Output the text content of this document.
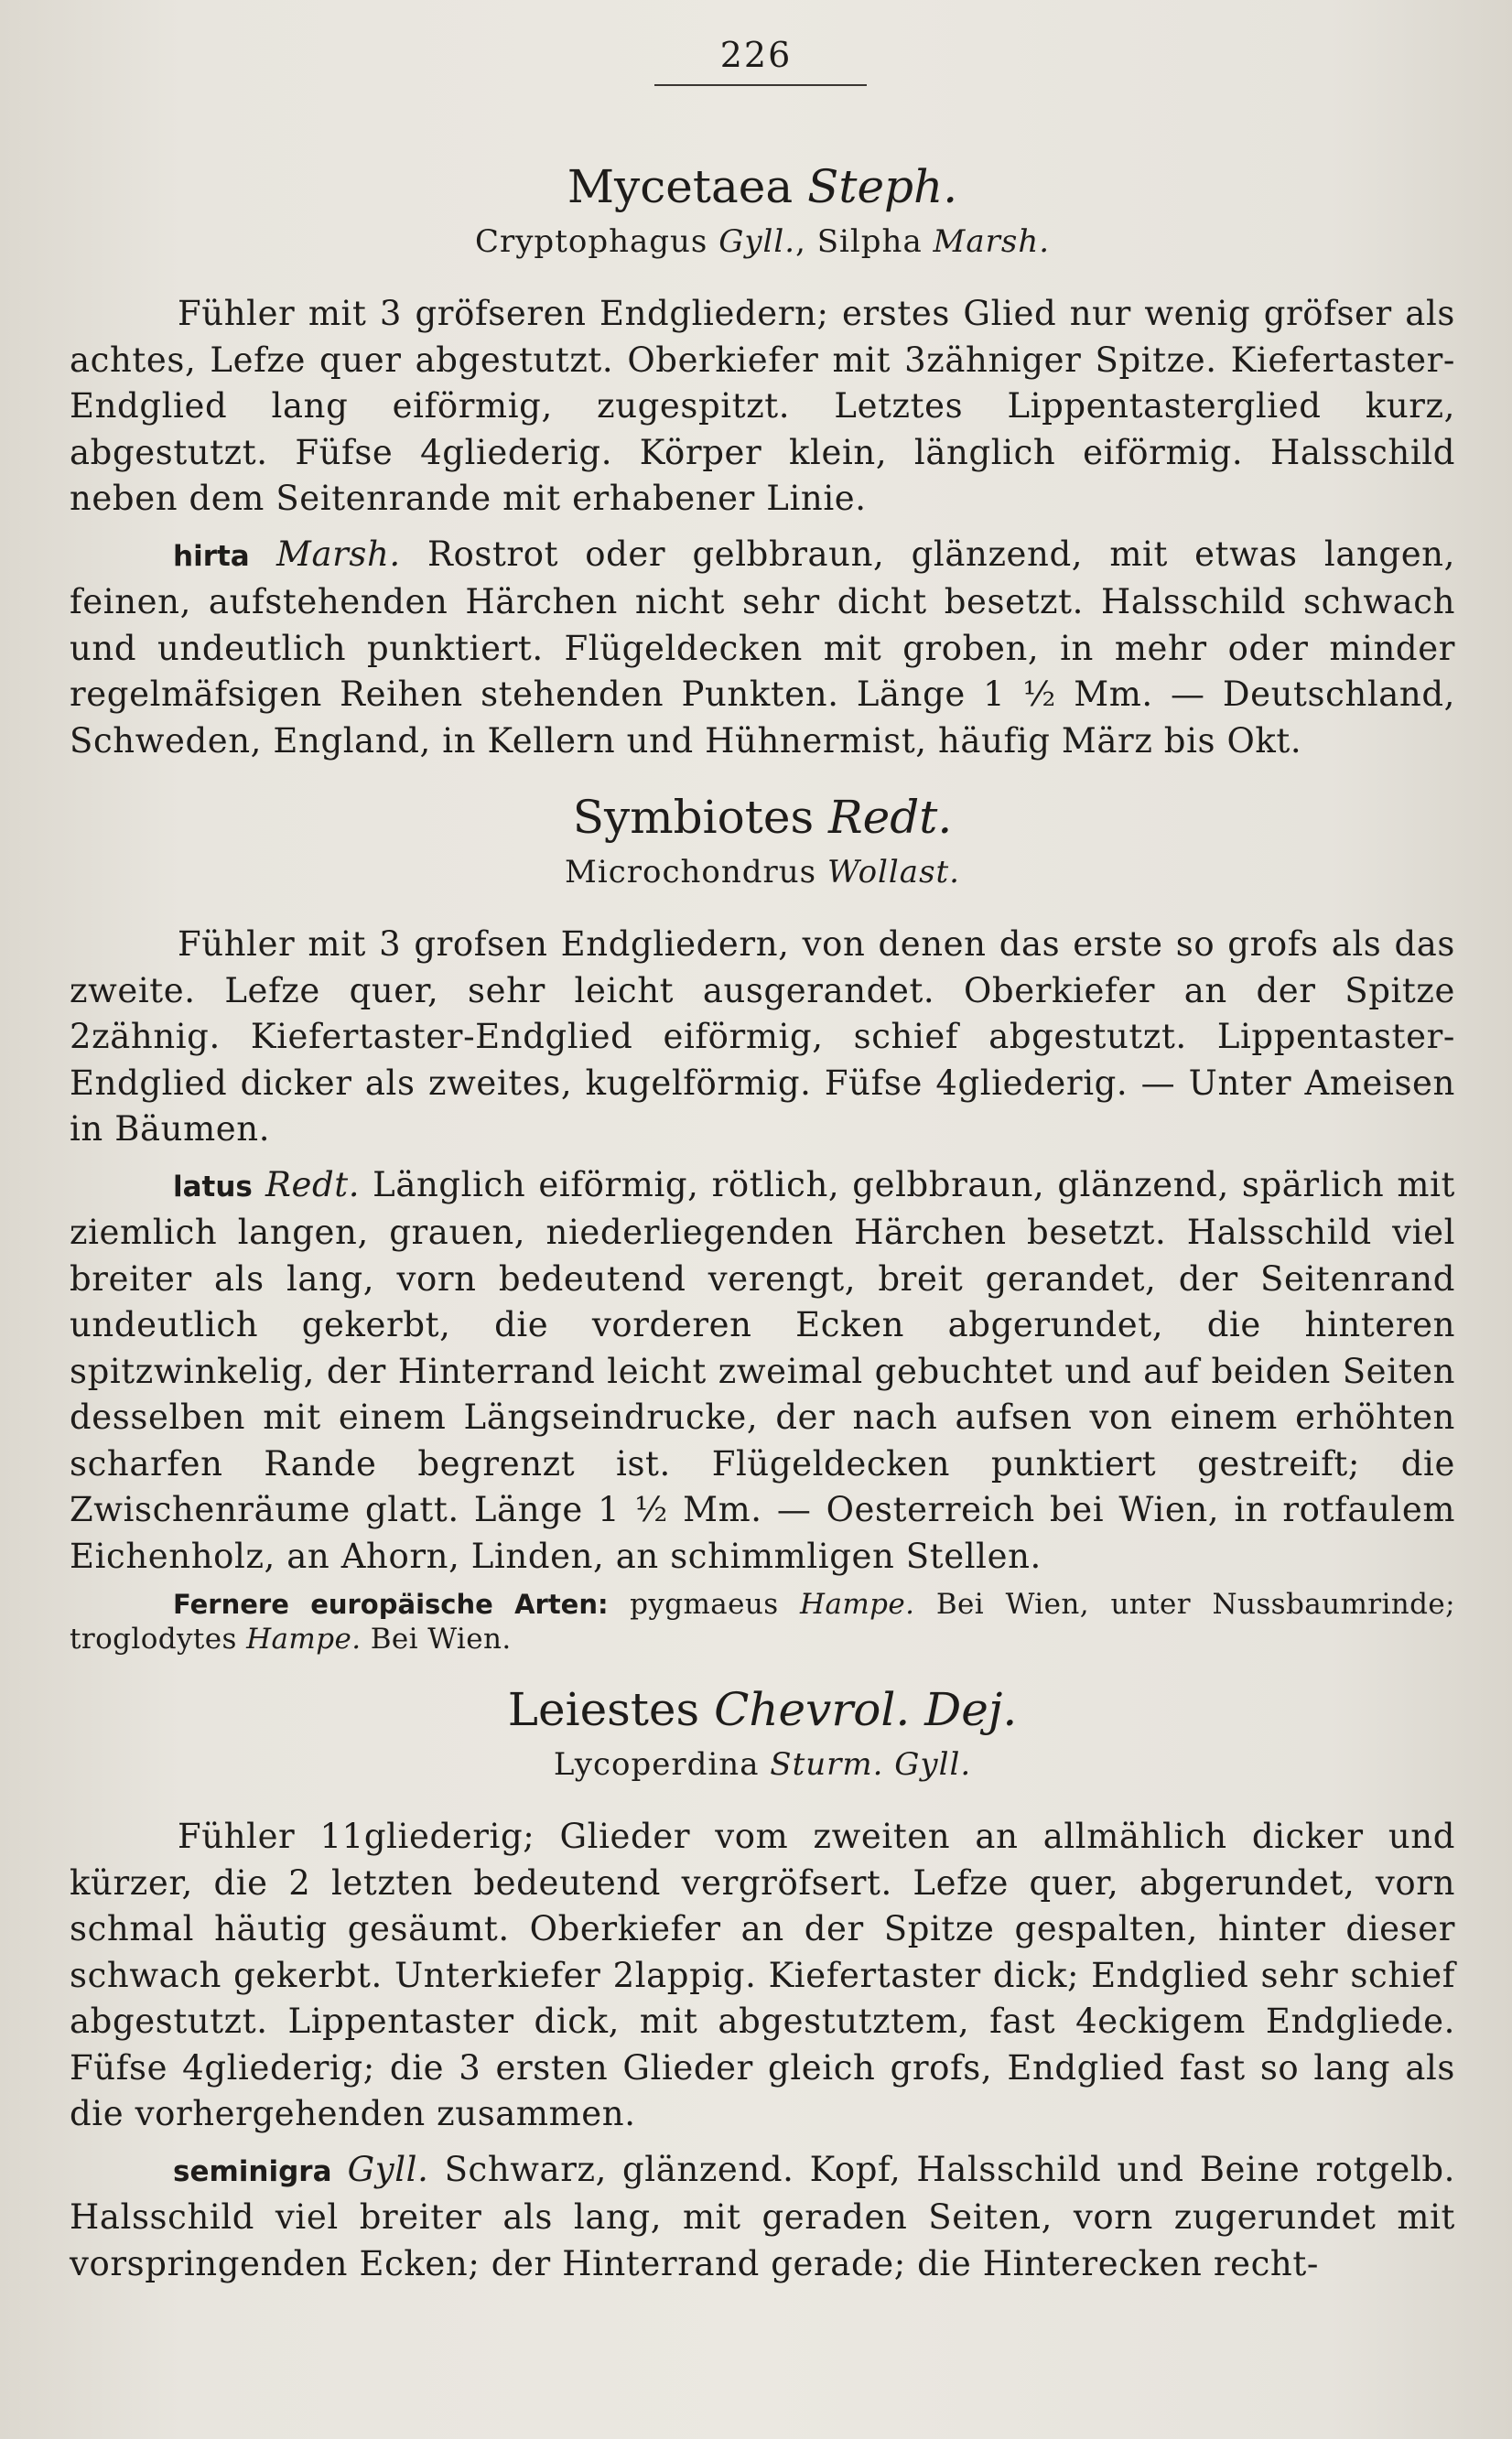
226
Mycetaea Steph.
Cryptophagus Gyll., Silpha Marsh.

Fühler mit 3 gröfseren Endgliedern; erstes Glied nur wenig gröfser als achtes, Lefze quer abgestutzt. Oberkiefer mit 3zähniger Spitze. Kiefertaster-Endglied lang eiförmig, zugespitzt. Letztes Lippentasterglied kurz, abgestutzt. Füfse 4gliederig. Körper klein, länglich eiförmig. Halsschild neben dem Seitenrande mit erhabener Linie.

hirta Marsh. Rostrot oder gelbbraun, glänzend, mit etwas langen, feinen, aufstehenden Härchen nicht sehr dicht besetzt. Halsschild schwach und undeutlich punktiert. Flügeldecken mit groben, in mehr oder minder regelmäfsigen Reihen stehenden Punkten. Länge 1 ½ Mm. — Deutschland, Schweden, England, in Kellern und Hühnermist, häufig März bis Okt.

Symbiotes Redt.
Microchondrus Wollast.

Fühler mit 3 grofsen Endgliedern, von denen das erste so grofs als das zweite. Lefze quer, sehr leicht ausgerandet. Oberkiefer an der Spitze 2zähnig. Kiefertaster-Endglied eiförmig, schief abgestutzt. Lippentaster-Endglied dicker als zweites, kugelförmig. Füfse 4gliederig. — Unter Ameisen in Bäumen.

latus Redt. Länglich eiförmig, rötlich, gelbbraun, glänzend, spärlich mit ziemlich langen, grauen, niederliegenden Härchen besetzt. Halsschild viel breiter als lang, vorn bedeutend verengt, breit gerandet, der Seitenrand undeutlich gekerbt, die vorderen Ecken abgerundet, die hinteren spitzwinkelig, der Hinterrand leicht zweimal gebuchtet und auf beiden Seiten desselben mit einem Längseindrucke, der nach aufsen von einem erhöhten scharfen Rande begrenzt ist. Flügeldecken punktiert gestreift; die Zwischenräume glatt. Länge 1 ½ Mm. — Oesterreich bei Wien, in rotfaulem Eichenholz, an Ahorn, Linden, an schimmligen Stellen.

Fernere europäische Arten: pygmaeus Hampe. Bei Wien, unter Nussbaumrinde; troglodytes Hampe. Bei Wien.

Leiestes Chevrol. Dej.
Lycoperdina Sturm. Gyll.

Fühler 11gliederig; Glieder vom zweiten an allmählich dicker und kürzer, die 2 letzten bedeutend vergröfsert. Lefze quer, abgerundet, vorn schmal häutig gesäumt. Oberkiefer an der Spitze gespalten, hinter dieser schwach gekerbt. Unterkiefer 2lappig. Kiefertaster dick; Endglied sehr schief abgestutzt. Lippentaster dick, mit abgestutztem, fast 4eckigem Endgliede. Füfse 4gliederig; die 3 ersten Glieder gleich grofs, Endglied fast so lang als die vorhergehenden zusammen.

seminigra Gyll. Schwarz, glänzend. Kopf, Halsschild und Beine rotgelb. Halsschild viel breiter als lang, mit geraden Seiten, vorn zugerundet mit vorspringenden Ecken; der Hinterrand gerade; die Hinterecken recht-
